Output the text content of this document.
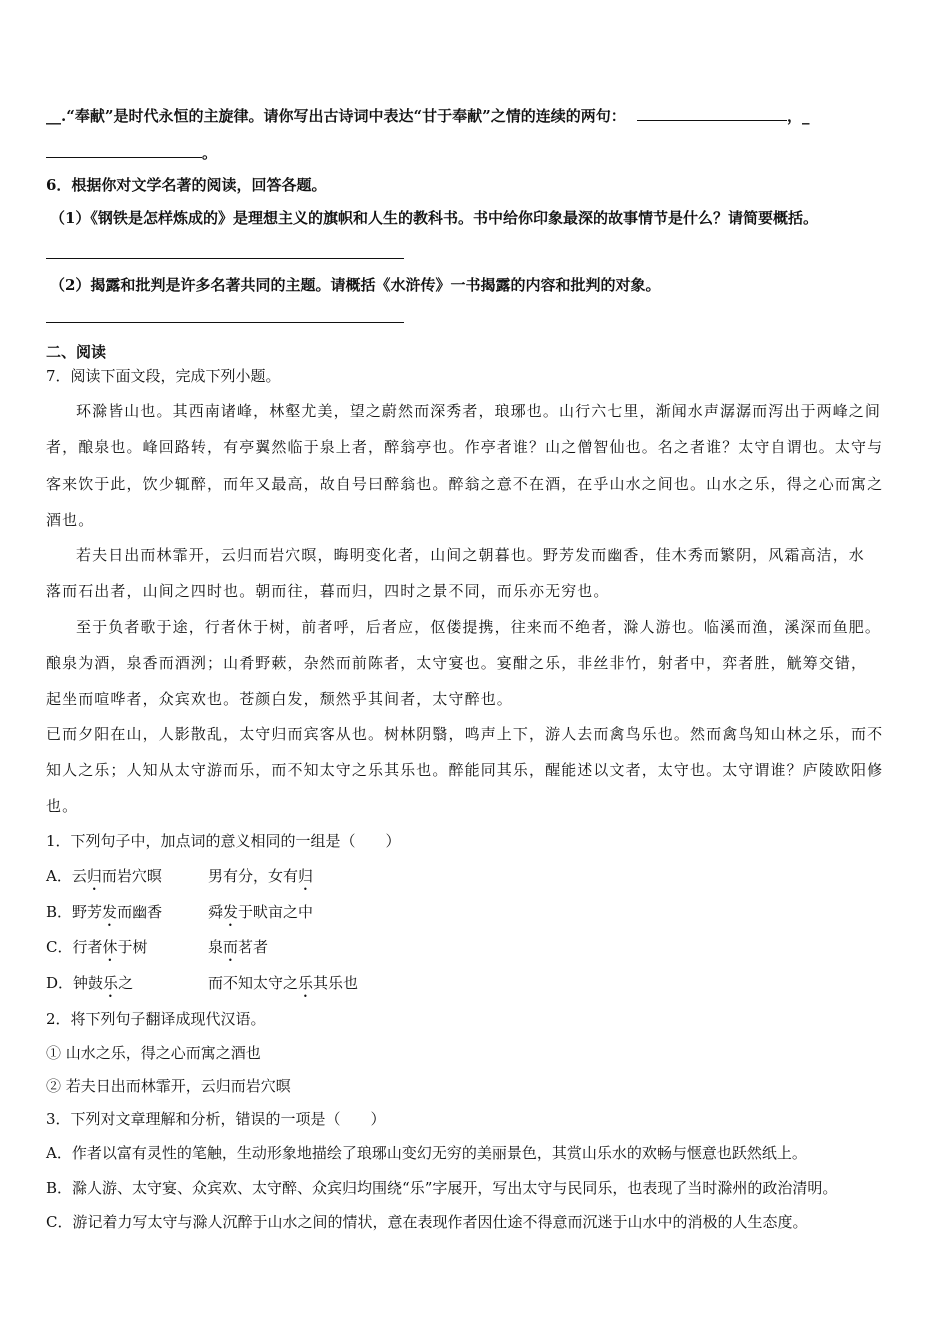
__.“奉献”是时代永恒的主旋律。请你写出古诗词中表达“甘于奉献”之情的连续的两句：	，_
。
6．根据你对文学名著的阅读，回答各题。
（1）《钢铁是怎样炼成的》是理想主义的旗帜和人生的教科书。书中给你印象最深的故事情节是什么？请简要概括。
（2）揭露和批判是许多名著共同的主题。请概括《水浒传》一书揭露的内容和批判的对象。
二、阅读
7．阅读下面文段，完成下列小题。
环滁皆山也。其西南诸峰，林壑尤美，望之蔚然而深秀者，琅琊也。山行六七里，渐闻水声潺潺而泻出于两峰之间
者，酿泉也。峰回路转，有亭翼然临于泉上者，醉翁亭也。作亭者谁？山之僧智仙也。名之者谁？太守自谓也。太守与
客来饮于此，饮少辄醉，而年又最高，故自号曰醉翁也。醉翁之意不在酒，在乎山水之间也。山水之乐，得之心而寓之
酒也。
若夫日出而林霏开，云归而岩穴暝，晦明变化者，山间之朝暮也。野芳发而幽香，佳木秀而繁阴，风霜高洁，水
落而石出者，山间之四时也。朝而往，暮而归，四时之景不同，而乐亦无穷也。
至于负者歌于途，行者休于树，前者呼，后者应，伛偻提携，往来而不绝者，滁人游也。临溪而渔，溪深而鱼肥。
酿泉为酒，泉香而酒洌；山肴野蔌，杂然而前陈者，太守宴也。宴酣之乐，非丝非竹，射者中，弈者胜，觥筹交错，
起坐而喧哗者，众宾欢也。苍颜白发，颓然乎其间者，太守醉也。
已而夕阳在山，人影散乱，太守归而宾客从也。树林阴翳，鸣声上下，游人去而禽鸟乐也。然而禽鸟知山林之乐，而不
知人之乐；人知从太守游而乐，而不知太守之乐其乐也。醉能同其乐，醒能述以文者，太守也。太守谓谁？庐陵欧阳修
也。
1．下列句子中，加点词的意义相同的一组是（　　）
A．云归而岩穴暝	男有分，女有归
B．野芳发而幽香	舜发于畎亩之中
C．行者休于树	泉而茗者
D．钟鼓乐之	而不知太守之乐其乐也
2．将下列句子翻译成现代汉语。
① 山水之乐，得之心而寓之酒也
② 若夫日出而林霏开，云归而岩穴暝
3．下列对文章理解和分析，错误的一项是（　　）
A．作者以富有灵性的笔触，生动形象地描绘了琅琊山变幻无穷的美丽景色，其赏山乐水的欢畅与惬意也跃然纸上。
B．滁人游、太守宴、众宾欢、太守醉、众宾归均围绕“乐”字展开，写出太守与民同乐，也表现了当时滁州的政治清明。
C．游记着力写太守与滁人沉醉于山水之间的情状，意在表现作者因仕途不得意而沉迷于山水中的消极的人生态度。
